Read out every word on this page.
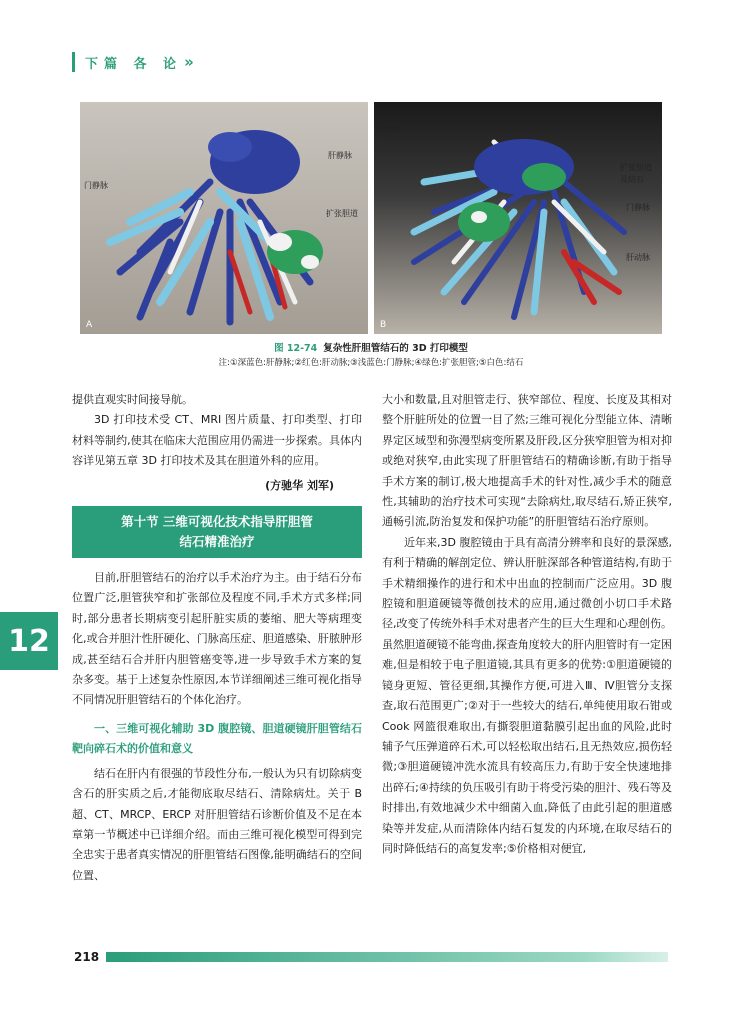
下篇 各 论 »
肝静脉
门静脉
扩张胆道
A
肝静脉
扩张胆道
及结石
门静脉
肝动脉
B
图 12-74 复杂性肝胆管结石的 3D 打印模型
注:①深蓝色:肝静脉;②红色:肝动脉;③浅蓝色:门静脉;④绿色:扩张胆管;⑤白色:结石

提供直观实时间接导航。

3D 打印技术受 CT、MRI 图片质量、打印类型、打印材料等制约,使其在临床大范围应用仍需进一步探索。具体内容详见第五章 3D 打印技术及其在胆道外科的应用。

(方驰华 刘军)

第十节 三维可视化技术指导肝胆管
结石精准治疗

目前,肝胆管结石的治疗以手术治疗为主。由于结石分布位置广泛,胆管狭窄和扩张部位及程度不同,手术方式多样;同时,部分患者长期病变引起肝脏实质的萎缩、肥大等病理变化,或合并胆汁性肝硬化、门脉高压症、胆道感染、肝脓肿形成,甚至结石合并肝内胆管癌变等,进一步导致手术方案的复杂多变。基于上述复杂性原因,本节详细阐述三维可视化指导不同情况肝胆管结石的个体化治疗。

一、三维可视化辅助 3D 腹腔镜、胆道硬镜肝胆管结石靶向碎石术的价值和意义

结石在肝内有很强的节段性分布,一般认为只有切除病变含石的肝实质之后,才能彻底取尽结石、清除病灶。关于 B 超、CT、MRCP、ERCP 对肝胆管结石诊断价值及不足在本章第一节概述中已详细介绍。而由三维可视化模型可得到完全忠实于患者真实情况的肝胆管结石图像,能明确结石的空间位置、

大小和数量,且对胆管走行、狭窄部位、程度、长度及其相对整个肝脏所处的位置一目了然;三维可视化分型能立体、清晰界定区域型和弥漫型病变所累及肝段,区分狭窄胆管为相对抑或绝对狭窄,由此实现了肝胆管结石的精确诊断,有助于指导手术方案的制订,极大地提高手术的针对性,减少手术的随意性,其辅助的治疗技术可实现“去除病灶,取尽结石,矫正狭窄,通畅引流,防治复发和保护功能”的肝胆管结石治疗原则。

近年来,3D 腹腔镜由于具有高清分辨率和良好的景深感,有利于精确的解剖定位、辨认肝脏深部各种管道结构,有助于手术精细操作的进行和术中出血的控制而广泛应用。3D 腹腔镜和胆道硬镜等微创技术的应用,通过微创小切口手术路径,改变了传统外科手术对患者产生的巨大生理和心理创伤。虽然胆道硬镜不能弯曲,探查角度较大的肝内胆管时有一定困难,但是相较于电子胆道镜,其具有更多的优势:①胆道硬镜的镜身更短、管径更细,其操作方便,可进入Ⅲ、Ⅳ胆管分支探查,取石范围更广;②对于一些较大的结石,单纯使用取石钳或 Cook 网篮很难取出,有撕裂胆道黏膜引起出血的风险,此时辅予气压弹道碎石术,可以轻松取出结石,且无热效应,损伤轻微;③胆道硬镜冲洗水流具有较高压力,有助于安全快速地排出碎石;④持续的负压吸引有助于将受污染的胆汁、残石等及时排出,有效地减少术中细菌入血,降低了由此引起的胆道感染等并发症,从而清除体内结石复发的内环境,在取尽结石的同时降低结石的高复发率;⑤价格相对便宜,

12
218
